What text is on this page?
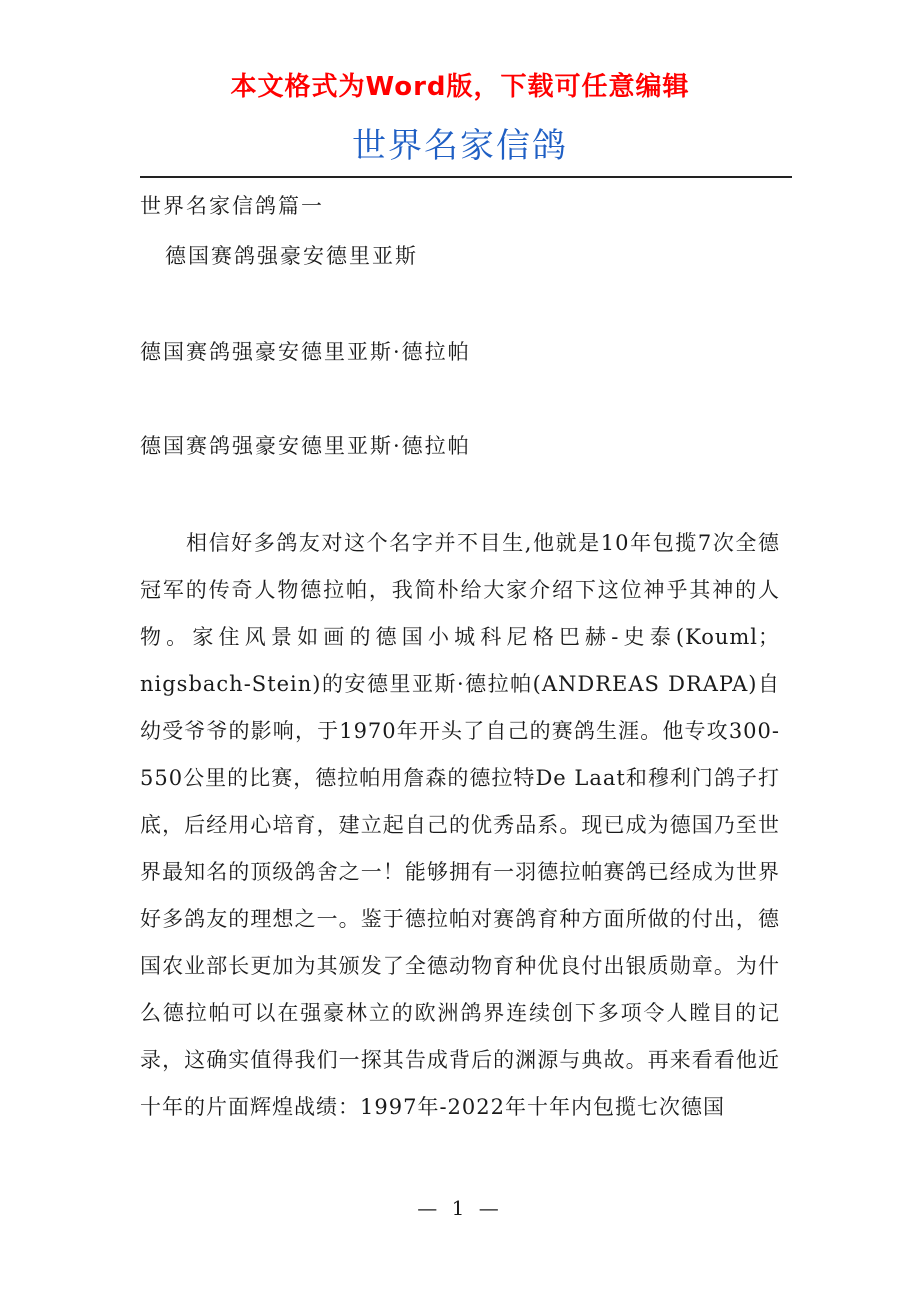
本文格式为Word版，下载可任意编辑
世界名家信鸽
世界名家信鸽篇一
德国赛鸽强豪安德里亚斯
德国赛鸽强豪安德里亚斯·德拉帕
德国赛鸽强豪安德里亚斯·德拉帕
相信好多鸽友对这个名字并不目生,他就是10年包揽7次全德冠军的传奇人物德拉帕，我简朴给大家介绍下这位神乎其神的人物。家住风景如画的德国小城科尼格巴赫-史泰(Kouml；nigsbach-Stein)的安德里亚斯·德拉帕(ANDREAS DRAPA)自幼受爷爷的影响，于1970年开头了自己的赛鸽生涯。他专攻300-550公里的比赛，德拉帕用詹森的德拉特De Laat和穆利门鸽子打底，后经用心培育，建立起自己的优秀品系。现已成为德国乃至世界最知名的顶级鸽舍之一！能够拥有一羽德拉帕赛鸽已经成为世界好多鸽友的理想之一。鉴于德拉帕对赛鸽育种方面所做的付出，德国农业部长更加为其颁发了全德动物育种优良付出银质勋章。为什么德拉帕可以在强豪林立的欧洲鸽界连续创下多项令人瞠目的记录，这确实值得我们一探其告成背后的渊源与典故。再来看看他近十年的片面辉煌战绩：1997年-2022年十年内包揽七次德国
— 1 —
